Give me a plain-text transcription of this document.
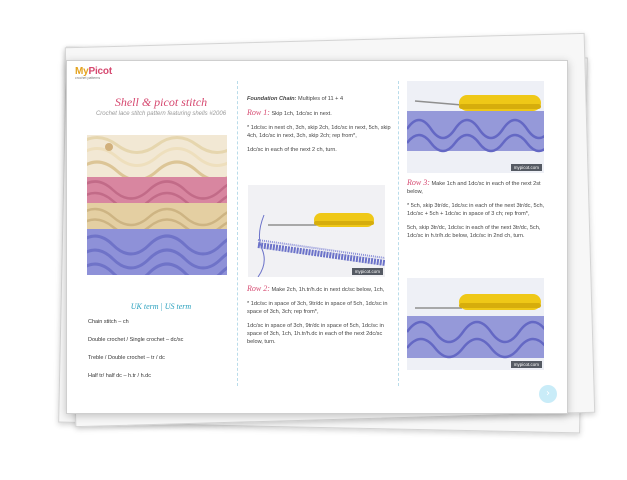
MyPicot
crochet patterns
Shell & picot stitch
Crochet lace stitch pattern featuring shells #2006
UK term | US term
Chain stitch – ch
Double crochet / Single crochet – dc/sc
Treble / Double crochet – tr / dc
Half tr/ half dc – h.tr / h.dc

Foundation Chain: Multiples of 11 + 4

Row 1: Skip 1ch, 1dc/sc in next.

* 1dc/sc in next ch, 3ch, skip 2ch, 1dc/sc in next, 5ch, skip 4ch, 1dc/sc in next, 3ch, skip 2ch; rep from*,

1dc/sc in each of the next 2 ch, turn.

mypicot.com

Row 2: Make 2ch, 1h.tr/h.dc in next dc/sc below, 1ch,

* 1dc/sc in space of 3ch, 9tr/dc in space of 5ch, 1dc/sc in space of 3ch, 3ch; rep from*,

1dc/sc in space of 3ch, 9tr/dc in space of 5ch, 1dc/sc in space of 3ch, 1ch, 1h.tr/h.dc in each of the next 2dc/sc below, turn.

mypicot.com

Row 3: Make 1ch and 1dc/sc in each of the next 2st below,

* 5ch, skip 3tr/dc, 1dc/sc in each of the next 3tr/dc, 5ch, 1dc/sc + 5ch + 1dc/sc in space of 3 ch; rep from*,

5ch, skip 3tr/dc, 1dc/sc in each of the next 3tr/dc, 5ch, 1dc/sc in h.tr/h.dc below, 1dc/sc in 2nd ch, turn.

mypicot.com
›
